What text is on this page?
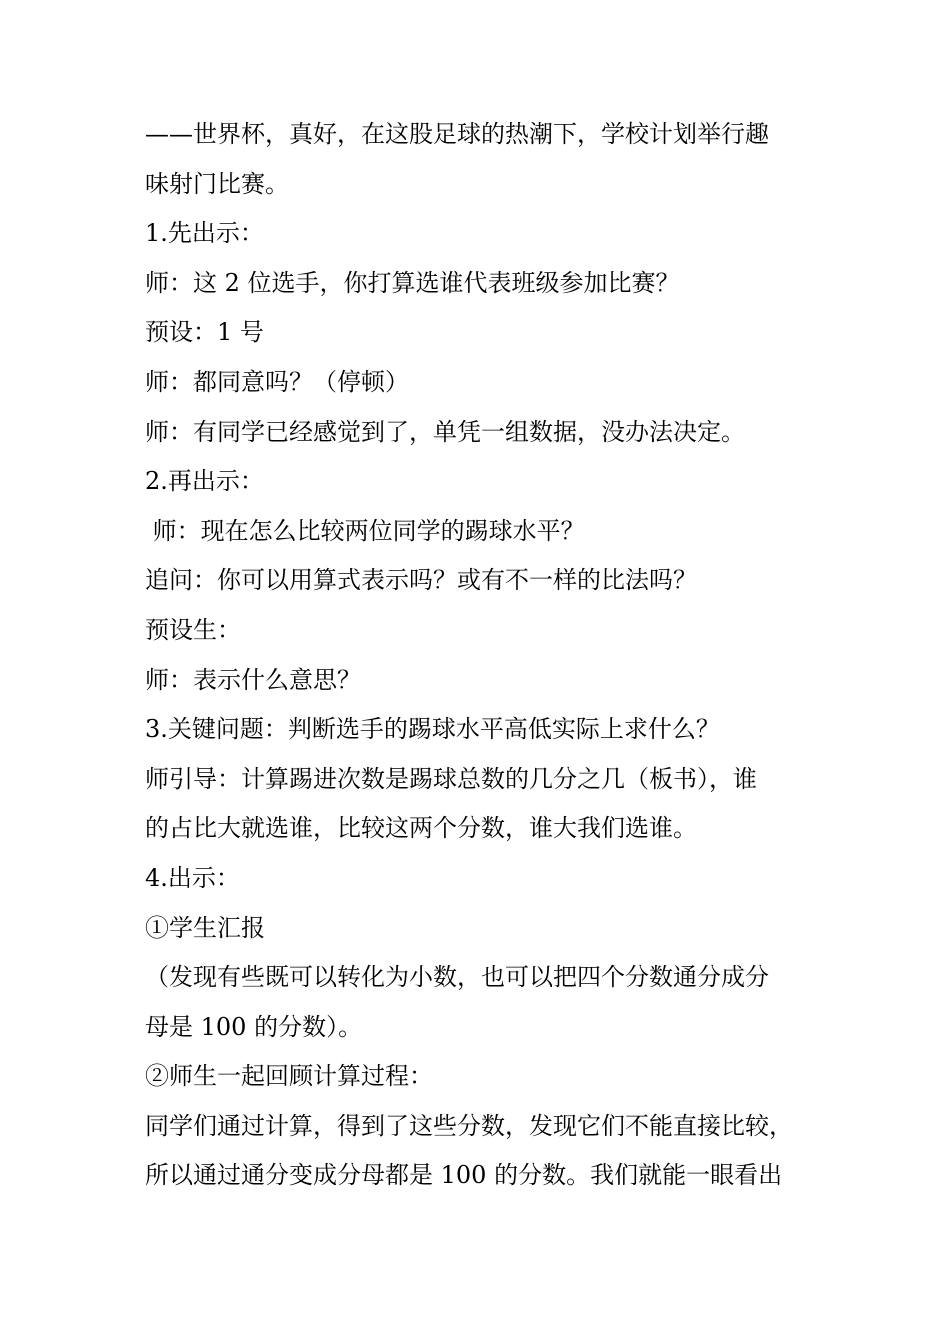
——世界杯，真好，在这股足球的热潮下，学校计划举行趣
味射门比赛。
1.先出示：
师：这 2 位选手，你打算选谁代表班级参加比赛？
预设：1 号
师：都同意吗？（停顿）
师：有同学已经感觉到了，单凭一组数据，没办法决定。
2.再出示：
师：现在怎么比较两位同学的踢球水平？
追问：你可以用算式表示吗？或有不一样的比法吗？
预设生：
师：表示什么意思？
3.关键问题：判断选手的踢球水平高低实际上求什么？
师引导：计算踢进次数是踢球总数的几分之几（板书），谁
的占比大就选谁，比较这两个分数，谁大我们选谁。
4.出示：
①学生汇报
（发现有些既可以转化为小数，也可以把四个分数通分成分
母是 100 的分数）。
②师生一起回顾计算过程：
同学们通过计算，得到了这些分数，发现它们不能直接比较，
所以通过通分变成分母都是 100 的分数。我们就能一眼看出
